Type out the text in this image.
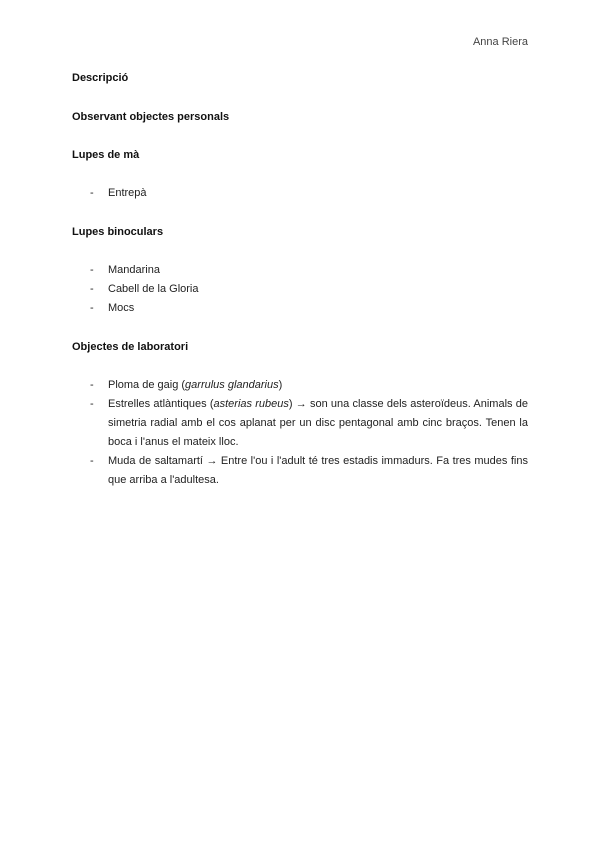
Anna Riera
Descripció
Observant objectes personals
Lupes de mà
- Entrepà
Lupes binoculars
- Mandarina
- Cabell de la Gloria
- Mocs
Objectes de laboratori
- Ploma de gaig (garrulus glandarius)
- Estrelles atlàntiques (asterias rubeus) → son una classe dels asteroïdeus. Animals de simetria radial amb el cos aplanat per un disc pentagonal amb cinc braços. Tenen la boca i l'anus el mateix lloc.
- Muda de saltamartí → Entre l'ou i l'adult té tres estadis immadurs. Fa tres mudes fins que arriba a l'adultesa.
